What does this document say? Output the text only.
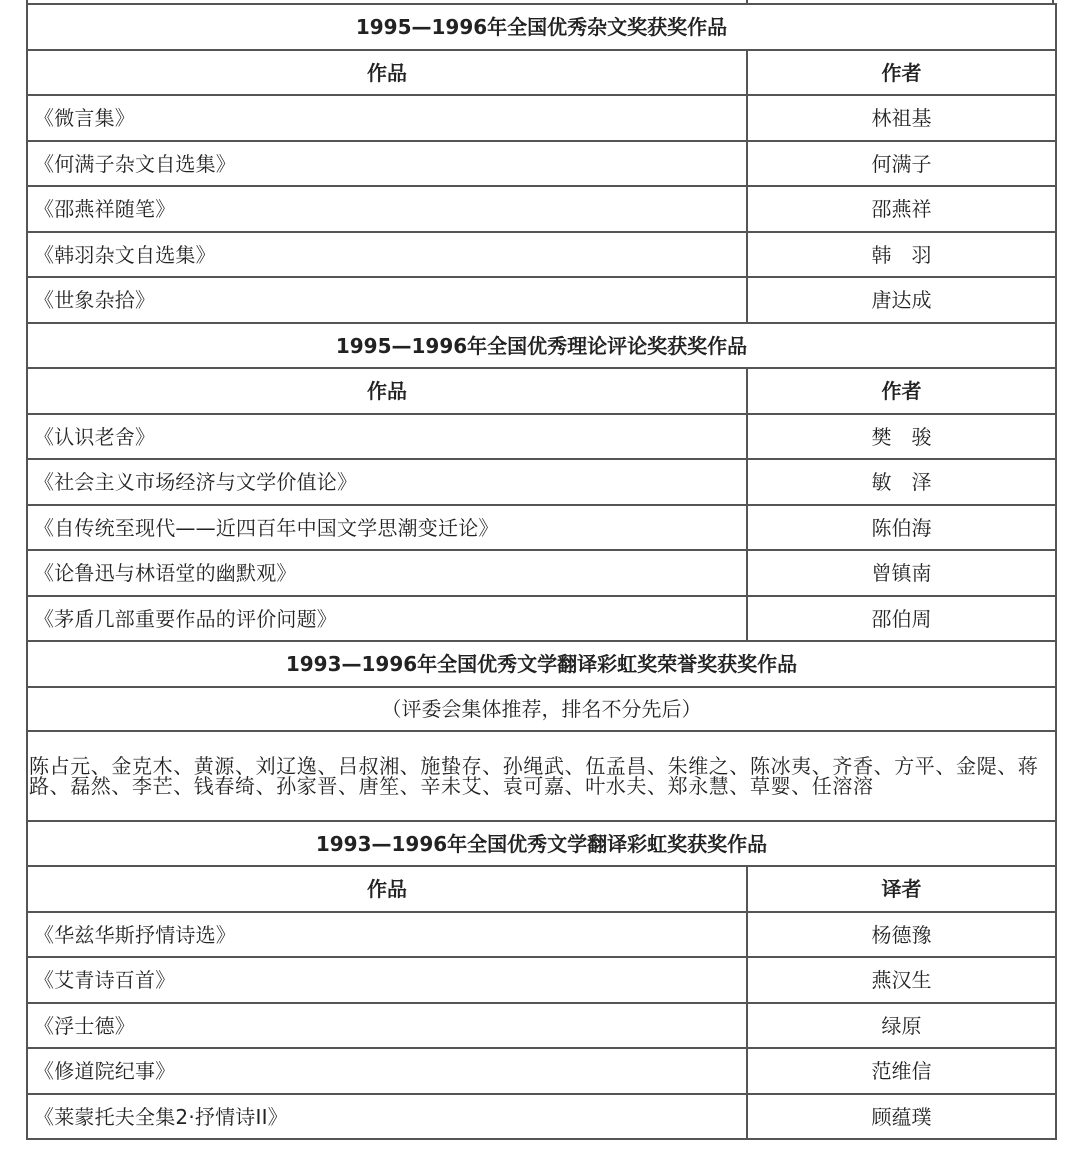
1995—1996年全国优秀杂文奖获奖作品	
作品	作者
《微言集》	林祖基
《何满子杂文自选集》	何满子
《邵燕祥随笔》	邵燕祥
《韩羽杂文自选集》	韩　羽
《世象杂拾》	唐达成
1995—1996年全国优秀理论评论奖获奖作品	
作品	作者
《认识老舍》	樊　骏
《社会主义市场经济与文学价值论》	敏　泽
《自传统至现代——近四百年中国文学思潮变迁论》	陈伯海
《论鲁迅与林语堂的幽默观》	曾镇南
《茅盾几部重要作品的评价问题》	邵伯周
1993—1996年全国优秀文学翻译彩虹奖荣誉奖获奖作品	
（评委会集体推荐，排名不分先后）	
陈占元、金克木、黄源、刘辽逸、吕叔湘、施蛰存、孙绳武、伍孟昌、朱维之、陈冰夷、齐香、方平、金隄、蒋路、磊然、李芒、钱春绮、孙家晋、唐笙、辛未艾、袁可嘉、叶水夫、郑永慧、草婴、任溶溶	
1993—1996年全国优秀文学翻译彩虹奖获奖作品	
作品	译者
《华兹华斯抒情诗选》	杨德豫
《艾青诗百首》	燕汉生
《浮士德》	绿原
《修道院纪事》	范维信
《莱蒙托夫全集2·抒情诗II》	顾蕴璞
